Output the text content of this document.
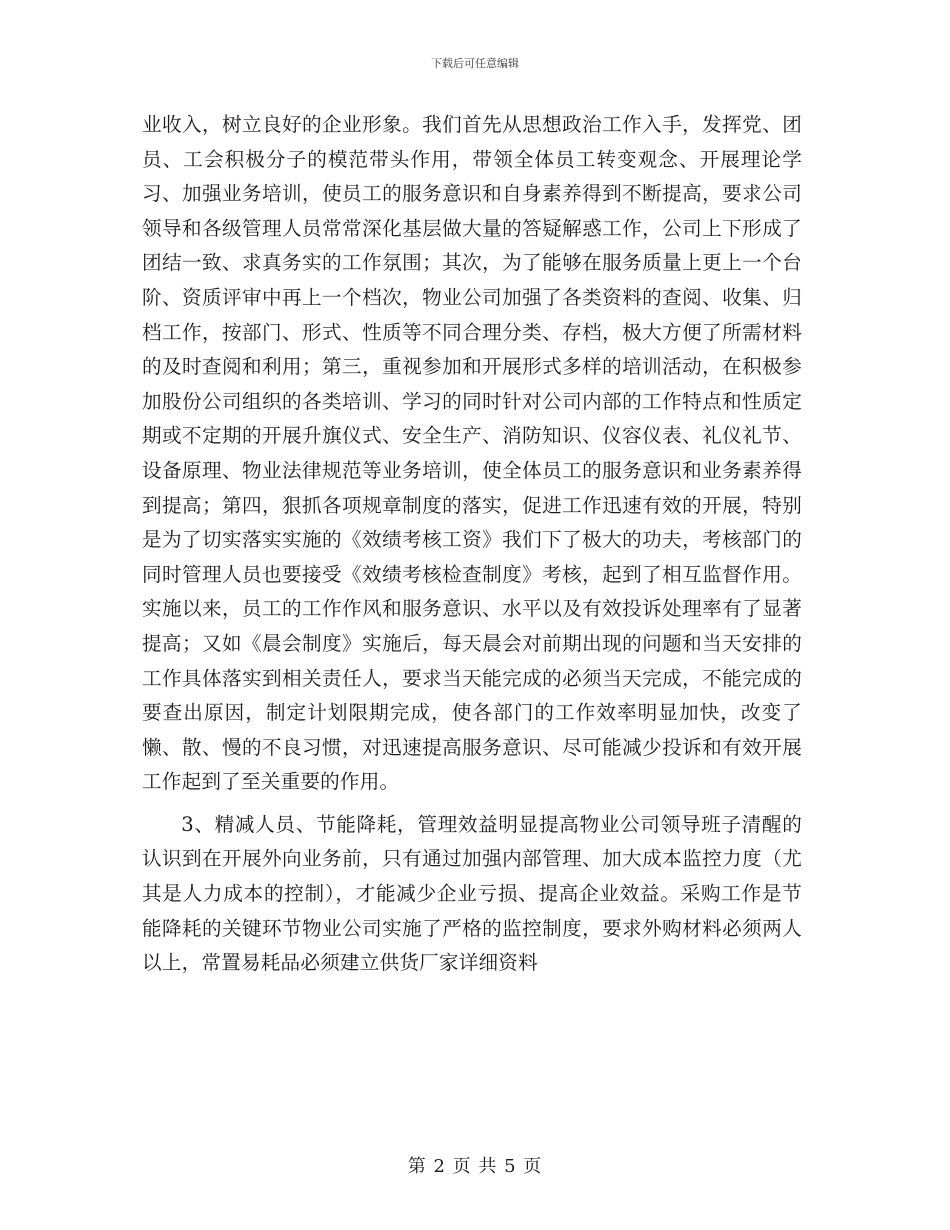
下载后可任意编辑

业收入，树立良好的企业形象。我们首先从思想政治工作入手，发挥党、团员、工会积极分子的模范带头作用，带领全体员工转变观念、开展理论学习、加强业务培训，使员工的服务意识和自身素养得到不断提高，要求公司领导和各级管理人员常常深化基层做大量的答疑解惑工作，公司上下形成了团结一致、求真务实的工作氛围；其次，为了能够在服务质量上更上一个台阶、资质评审中再上一个档次，物业公司加强了各类资料的查阅、收集、归档工作，按部门、形式、性质等不同合理分类、存档，极大方便了所需材料的及时查阅和利用；第三，重视参加和开展形式多样的培训活动，在积极参加股份公司组织的各类培训、学习的同时针对公司内部的工作特点和性质定期或不定期的开展升旗仪式、安全生产、消防知识、仪容仪表、礼仪礼节、设备原理、物业法律规范等业务培训，使全体员工的服务意识和业务素养得到提高；第四，狠抓各项规章制度的落实，促进工作迅速有效的开展，特别是为了切实落实实施的《效绩考核工资》我们下了极大的功夫，考核部门的同时管理人员也要接受《效绩考核检查制度》考核，起到了相互监督作用。实施以来，员工的工作作风和服务意识、水平以及有效投诉处理率有了显著提高；又如《晨会制度》实施后，每天晨会对前期出现的问题和当天安排的工作具体落实到相关责任人，要求当天能完成的必须当天完成，不能完成的要查出原因，制定计划限期完成，使各部门的工作效率明显加快，改变了懒、散、慢的不良习惯，对迅速提高服务意识、尽可能减少投诉和有效开展工作起到了至关重要的作用。

3、精减人员、节能降耗，管理效益明显提高物业公司领导班子清醒的认识到在开展外向业务前，只有通过加强内部管理、加大成本监控力度（尤其是人力成本的控制），才能减少企业亏损、提高企业效益。采购工作是节能降耗的关键环节物业公司实施了严格的监控制度，要求外购材料必须两人以上，常置易耗品必须建立供货厂家详细资料

第 2 页 共 5 页
